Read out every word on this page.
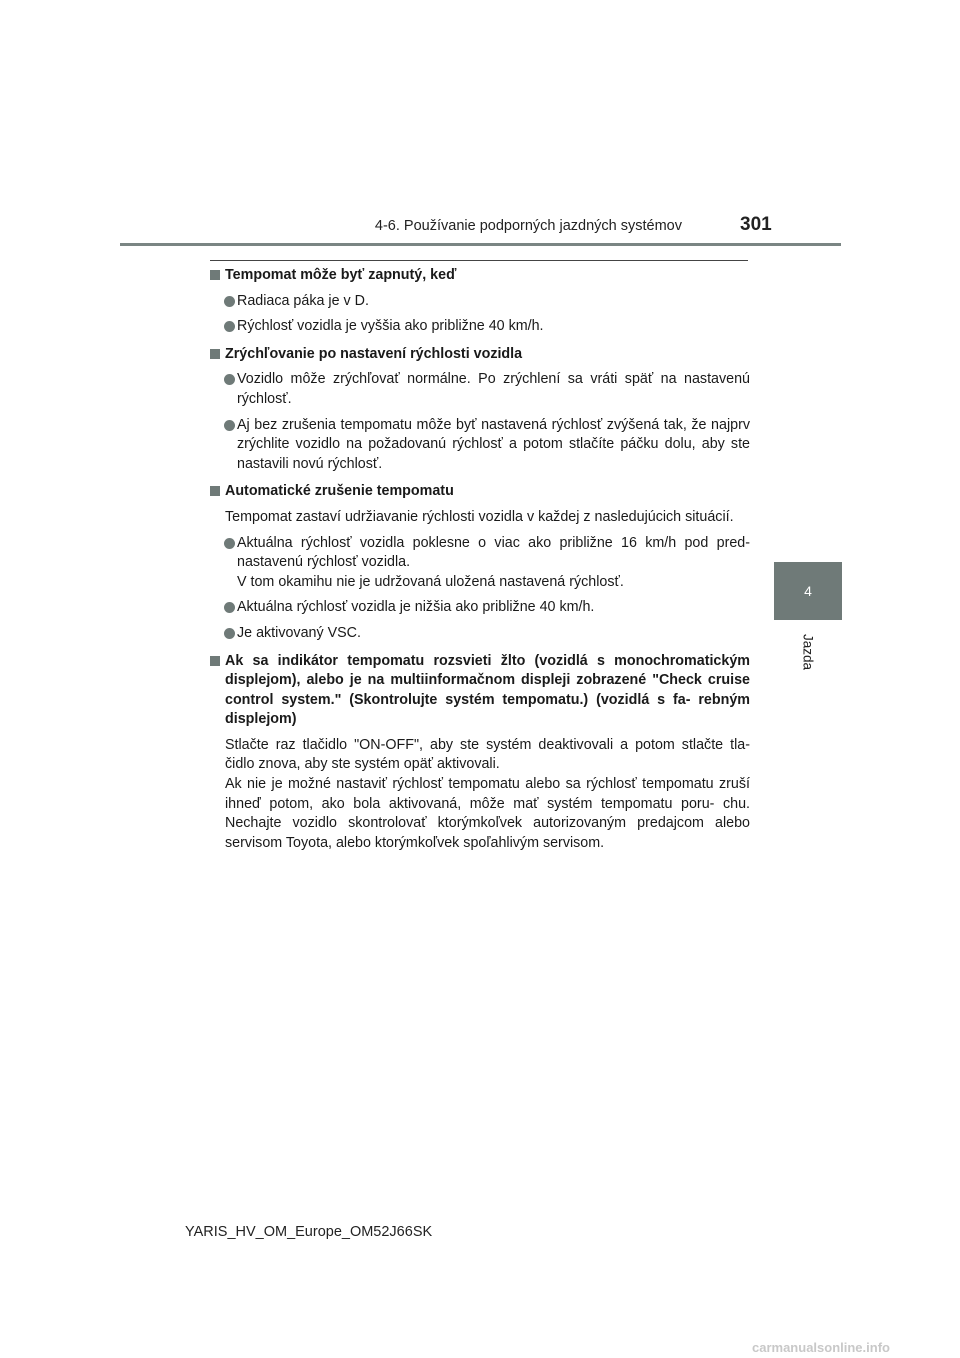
4-6. Používanie podporných jazdných systémov	301
4
Jazda
Tempomat môže byť zapnutý, keď
Radiaca páka je v D.
Rýchlosť vozidla je vyššia ako približne 40 km/h.
Zrýchľovanie po nastavení rýchlosti vozidla
Vozidlo môže zrýchľovať normálne. Po zrýchlení sa vráti späť na nastavenú rýchlosť.
Aj bez zrušenia tempomatu môže byť nastavená rýchlosť zvýšená tak, že najprv zrýchlite vozidlo na požadovanú rýchlosť a potom stlačíte páčku dolu, aby ste nastavili novú rýchlosť.
Automatické zrušenie tempomatu
Tempomat zastaví udržiavanie rýchlosti vozidla v každej z nasledujúcich situácií.
Aktuálna rýchlosť vozidla poklesne o viac ako približne 16 km/h pod pred- nastavenú rýchlosť vozidla.
V tom okamihu nie je udržovaná uložená nastavená rýchlosť.
Aktuálna rýchlosť vozidla je nižšia ako približne 40 km/h.
Je aktivovaný VSC.
Ak sa indikátor tempomatu rozsvieti žlto (vozidlá s monochromatickým displejom), alebo je na multiinformačnom displeji zobrazené "Check cruise control system." (Skontrolujte systém tempomatu.) (vozidlá s fa- rebným displejom)
Stlačte raz tlačidlo "ON-OFF", aby ste systém deaktivovali a potom stlačte tla- čidlo znova, aby ste systém opäť aktivovali.
Ak nie je možné nastaviť rýchlosť tempomatu alebo sa rýchlosť tempomatu zruší ihneď potom, ako bola aktivovaná, môže mať systém tempomatu poru- chu. Nechajte vozidlo skontrolovať ktorýmkoľvek autorizovaným predajcom alebo servisom Toyota, alebo ktorýmkoľvek spoľahlivým servisom.
YARIS_HV_OM_Europe_OM52J66SK
carmanualsonline.info
